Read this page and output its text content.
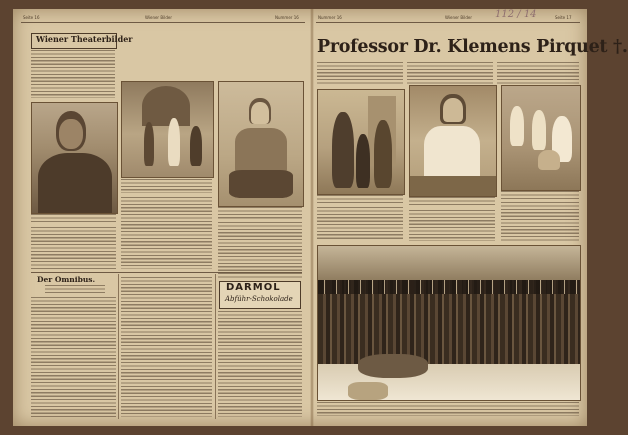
Seite 16	Wiener Bilder	Nummer 16
Wiener Theaterbilder
Der Omnibus.
DARMOL
Abführ-Schokolade
Nummer 16	Wiener Bilder	Seite 17
112 / 14
Professor Dr. Klemens Pirquet †.
